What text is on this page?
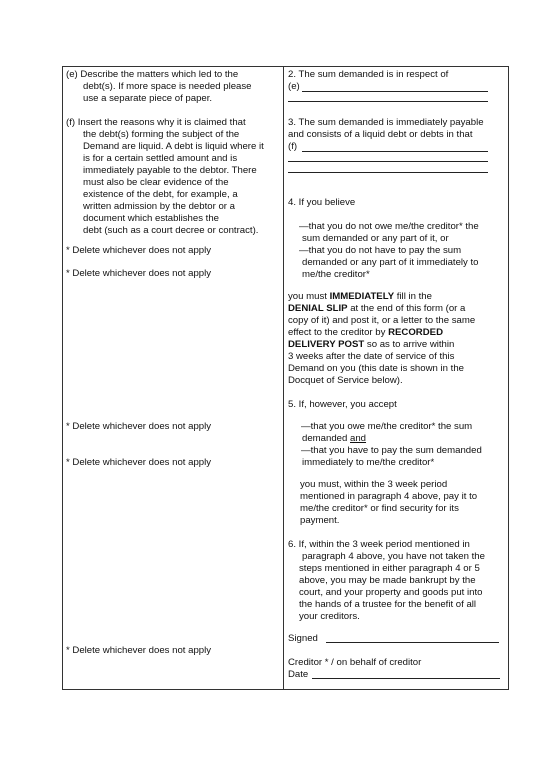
(e) Describe the matters which led to the
debt(s). If more space is needed please
use a separate piece of paper.
(f) Insert the reasons why it is claimed that
the debt(s) forming the subject of the
Demand are liquid. A debt is liquid where it
is for a certain settled amount and is
immediately payable to the debtor. There
must also be clear evidence of the
existence of the debt, for example, a
written admission by the debtor or a
document which establishes the
debt (such as a court decree or contract).
* Delete whichever does not apply
* Delete whichever does not apply
* Delete whichever does not apply
* Delete whichever does not apply
* Delete whichever does not apply
2. The sum demanded is in respect of
(e)
3. The sum demanded is immediately payable
and consists of a liquid debt or debts in that
(f)
4. If you believe
—that you do not owe me/the creditor* the
sum demanded or any part of it, or
—that you do not have to pay the sum
demanded or any part of it immediately to
me/the creditor*
you must IMMEDIATELY fill in the
DENIAL SLIP at the end of this form (or a
copy of it) and post it, or a letter to the same
effect to the creditor by RECORDED
DELIVERY POST so as to arrive within
3 weeks after the date of service of this
Demand on you (this date is shown in the
Docquet of Service below).
5. If, however, you accept
—that you owe me/the creditor* the sum
demanded and
—that you have to pay the sum demanded
immediately to me/the creditor*
you must, within the 3 week period
mentioned in paragraph 4 above, pay it to
me/the creditor* or find security for its
payment.
6. If, within the 3 week period mentioned in
paragraph 4 above, you have not taken the
steps mentioned in either paragraph 4 or 5
above, you may be made bankrupt by the
court, and your property and goods put into
the hands of a trustee for the benefit of all
your creditors.
Signed
Creditor * / on behalf of creditor
Date
